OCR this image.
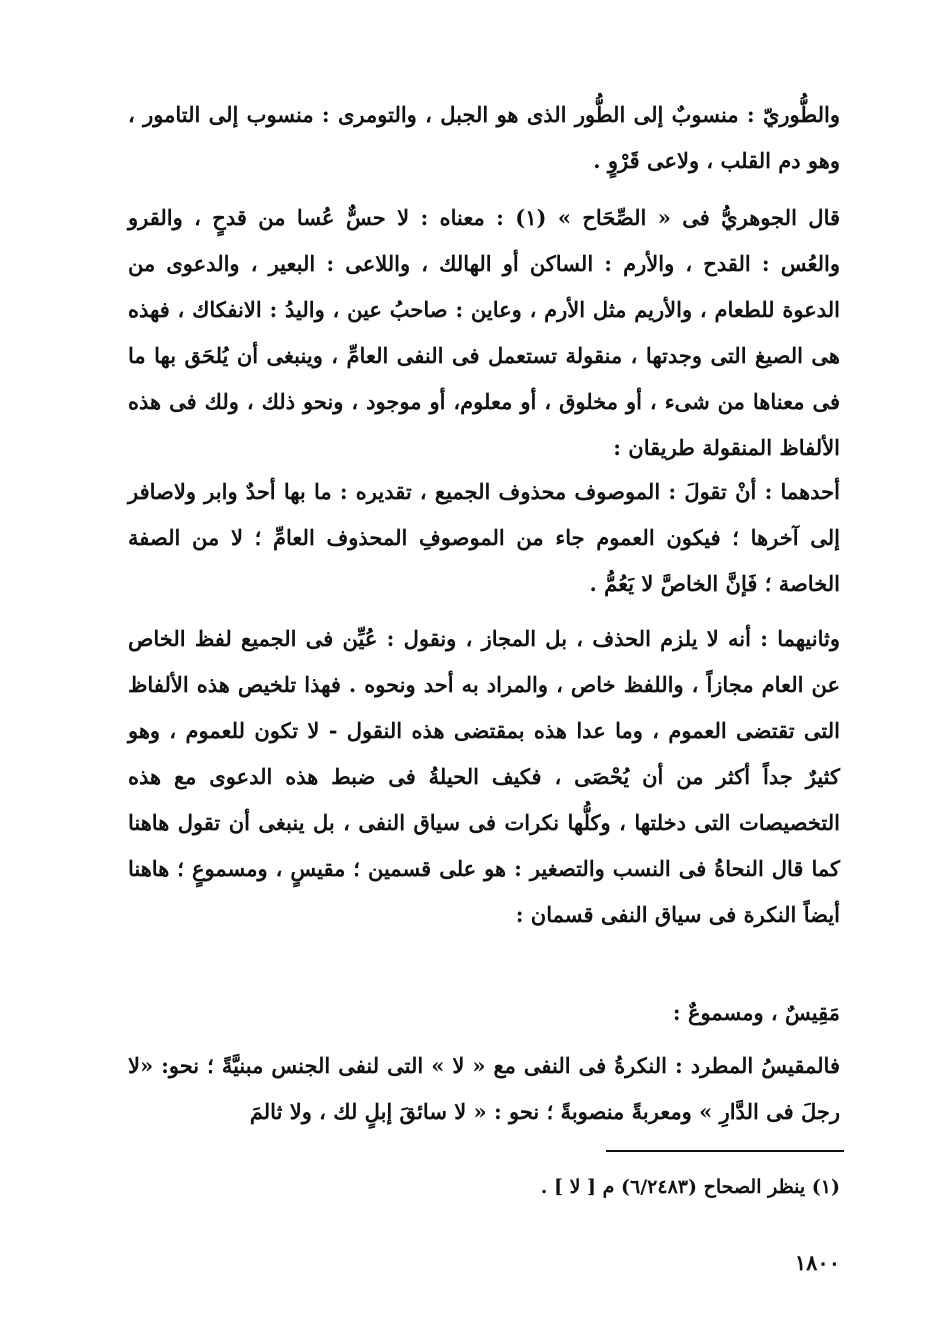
والطُّوريّ : منسوبٌ إلى الطُّور الذى هو الجبل ، والتومرى : منسوب إلى التامور ، وهو دم القلب ، ولاعى قَرْوٍ .

قال الجوهريُّ فى « الصِّحَاح » (١) : معناه : لا حسٌّ عُسا من قدحٍ ، والقرو والعُس : القدح ، والأرم : الساكن أو الهالك ، واللاعى : البعير ، والدعوى من الدعوة للطعام ، والأريم مثل الأرم ، وعاين : صاحبُ عين ، واليدُ : الانفكاك ، فهذه هى الصيغ التى وجدتها ، منقولة تستعمل فى النفى العامِّ ، وينبغى أن يُلحَق بها ما فى معناها من شىء ، أو مخلوق ، أو معلوم، أو موجود ، ونحو ذلك ، ولك فى هذه الألفاظ المنقولة طريقان :

أحدهما : أنْ تقولَ : الموصوف محذوف الجميع ، تقديره : ما بها أحدٌ وابر ولاصافر إلى آخرها ؛ فيكون العموم جاء من الموصوفِ المحذوف العامِّ ؛ لا من الصفة الخاصة ؛ فَإنَّ الخاصَّ لا يَعُمُّ .

وثانيهما : أنه لا يلزم الحذف ، بل المجاز ، ونقول : عُيِّن فى الجميع لفظ الخاص عن العام مجازاً ، واللفظ خاص ، والمراد به أحد ونحوه . فهذا تلخيص هذه الألفاظ التى تقتضى العموم ، وما عدا هذه بمقتضى هذه النقول - لا تكون للعموم ، وهو كثيرٌ جداً أكثر من أن يُحْصَى ، فكيف الحيلةُ فى ضبط هذه الدعوى مع هذه التخصيصات التى دخلتها ، وكلُّها نكرات فى سياق النفى ، بل ينبغى أن تقول هاهنا كما قال النحاةُ فى النسب والتصغير : هو على قسمين ؛ مقيسٍ ، ومسموعٍ ؛ هاهنا أيضاً النكرة فى سياق النفى قسمان :

مَقِيسٌ ، ومسموعٌ :

فالمقيسُ المطرد : النكرةُ فى النفى مع « لا » التى لنفى الجنس مبنيَّةً ؛ نحو: «لا رجلَ فى الدَّارِ » ومعربةً منصوبةً ؛ نحو : « لا سائقَ إبلٍ لك ، ولا ثالمَ

(١) ينظر الصحاح (٦/٢٤٨٣) م [ لا ] .

١٨٠٠
